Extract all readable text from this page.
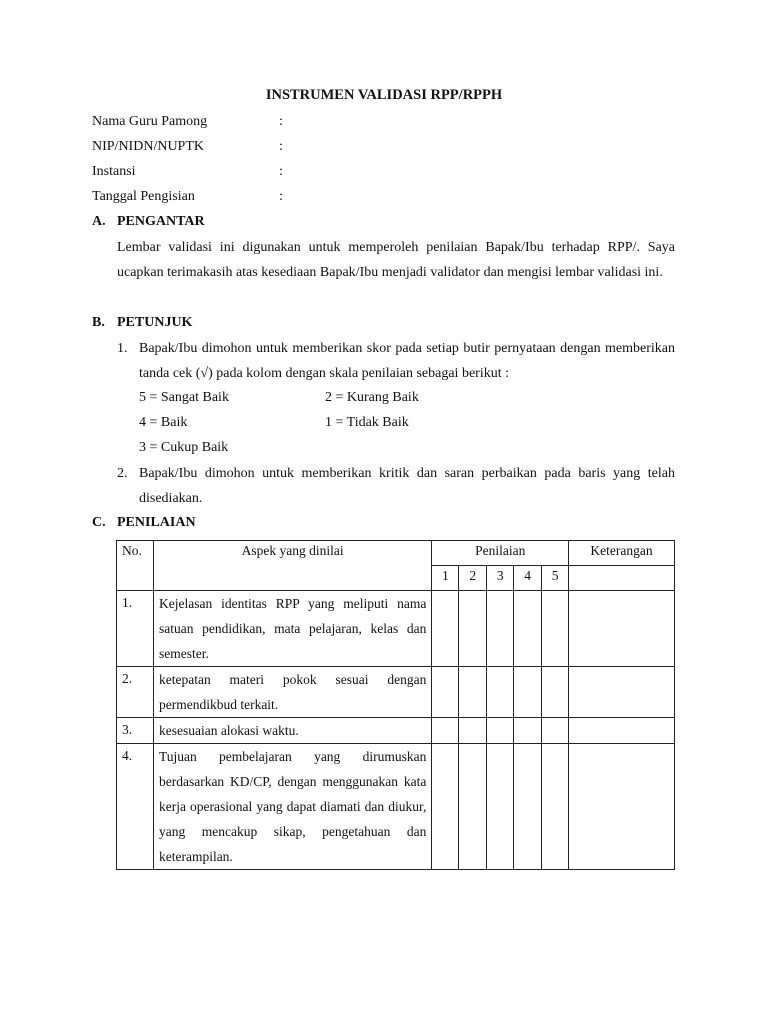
INSTRUMEN VALIDASI RPP/RPPH
Nama Guru Pamong	:
NIP/NIDN/NUPTK	:
Instansi	:
Tanggal Pengisian	:
A. PENGANTAR
Lembar validasi ini digunakan untuk memperoleh penilaian Bapak/Ibu terhadap RPP/. Saya ucapkan terimakasih atas kesediaan Bapak/Ibu menjadi validator dan mengisi lembar validasi ini.
B. PETUNJUK
1. Bapak/Ibu dimohon untuk memberikan skor pada setiap butir pernyataan dengan memberikan tanda cek (√) pada kolom dengan skala penilaian sebagai berikut :
5 = Sangat Baik	2 = Kurang Baik
4 = Baik	1 = Tidak Baik
3 = Cukup Baik
2. Bapak/Ibu dimohon untuk memberikan kritik dan saran perbaikan pada baris yang telah disediakan.
C. PENILAIAN
No.	Aspek yang dinilai	Penilaian					Keterangan
		1	2	3	4	5	
1.	Kejelasan identitas RPP yang meliputi nama satuan pendidikan, mata pelajaran, kelas dan semester.						
2.	ketepatan materi pokok sesuai dengan permendikbud terkait.						
3.	kesesuaian alokasi waktu.						
4.	Tujuan pembelajaran yang dirumuskan berdasarkan KD/CP, dengan menggunakan kata kerja operasional yang dapat diamati dan diukur, yang mencakup sikap, pengetahuan dan keterampilan.						
